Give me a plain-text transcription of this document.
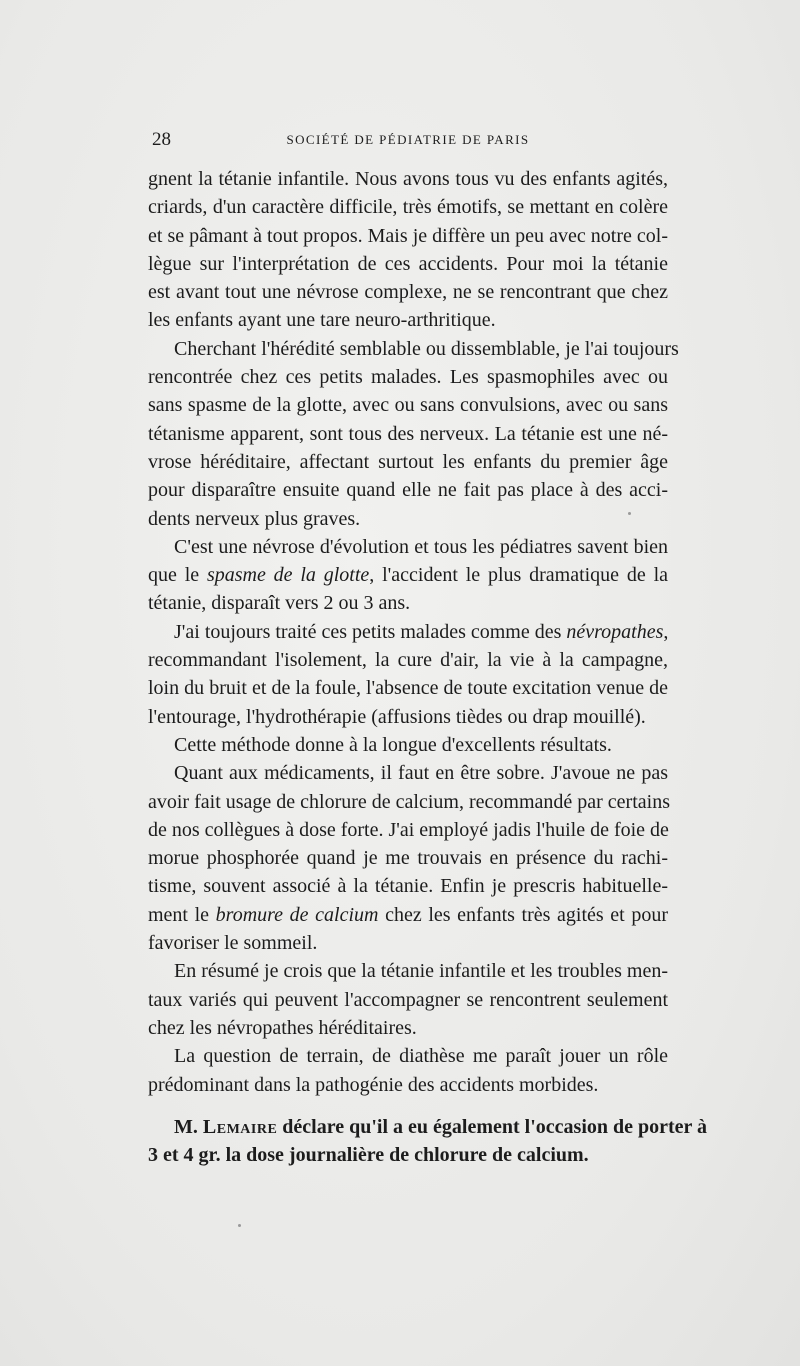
28	SOCIÉTÉ DE PÉDIATRIE DE PARIS

gnent la tétanie infantile. Nous avons tous vu des enfants agités,
criards, d'un caractère difficile, très émotifs, se mettant en colère
et se pâmant à tout propos. Mais je diffère un peu avec notre col-
lègue sur l'interprétation de ces accidents. Pour moi la tétanie
est avant tout une névrose complexe, ne se rencontrant que chez
les enfants ayant une tare neuro-arthritique.

Cherchant l'hérédité semblable ou dissemblable, je l'ai toujours
rencontrée chez ces petits malades. Les spasmophiles avec ou
sans spasme de la glotte, avec ou sans convulsions, avec ou sans
tétanisme apparent, sont tous des nerveux. La tétanie est une né-
vrose héréditaire, affectant surtout les enfants du premier âge
pour disparaître ensuite quand elle ne fait pas place à des acci-
dents nerveux plus graves.

C'est une névrose d'évolution et tous les pédiatres savent bien
que le spasme de la glotte, l'accident le plus dramatique de la
tétanie, disparaît vers 2 ou 3 ans.

J'ai toujours traité ces petits malades comme des névropathes,
recommandant l'isolement, la cure d'air, la vie à la campagne,
loin du bruit et de la foule, l'absence de toute excitation venue de
l'entourage, l'hydrothérapie (affusions tièdes ou drap mouillé).

Cette méthode donne à la longue d'excellents résultats.

Quant aux médicaments, il faut en être sobre. J'avoue ne pas
avoir fait usage de chlorure de calcium, recommandé par certains
de nos collègues à dose forte. J'ai employé jadis l'huile de foie de
morue phosphorée quand je me trouvais en présence du rachi-
tisme, souvent associé à la tétanie. Enfin je prescris habituelle-
ment le bromure de calcium chez les enfants très agités et pour
favoriser le sommeil.

En résumé je crois que la tétanie infantile et les troubles men-
taux variés qui peuvent l'accompagner se rencontrent seulement
chez les névropathes héréditaires.

La question de terrain, de diathèse me paraît jouer un rôle
prédominant dans la pathogénie des accidents morbides.

M. Lemaire déclare qu'il a eu également l'occasion de porter à
3 et 4 gr. la dose journalière de chlorure de calcium.
